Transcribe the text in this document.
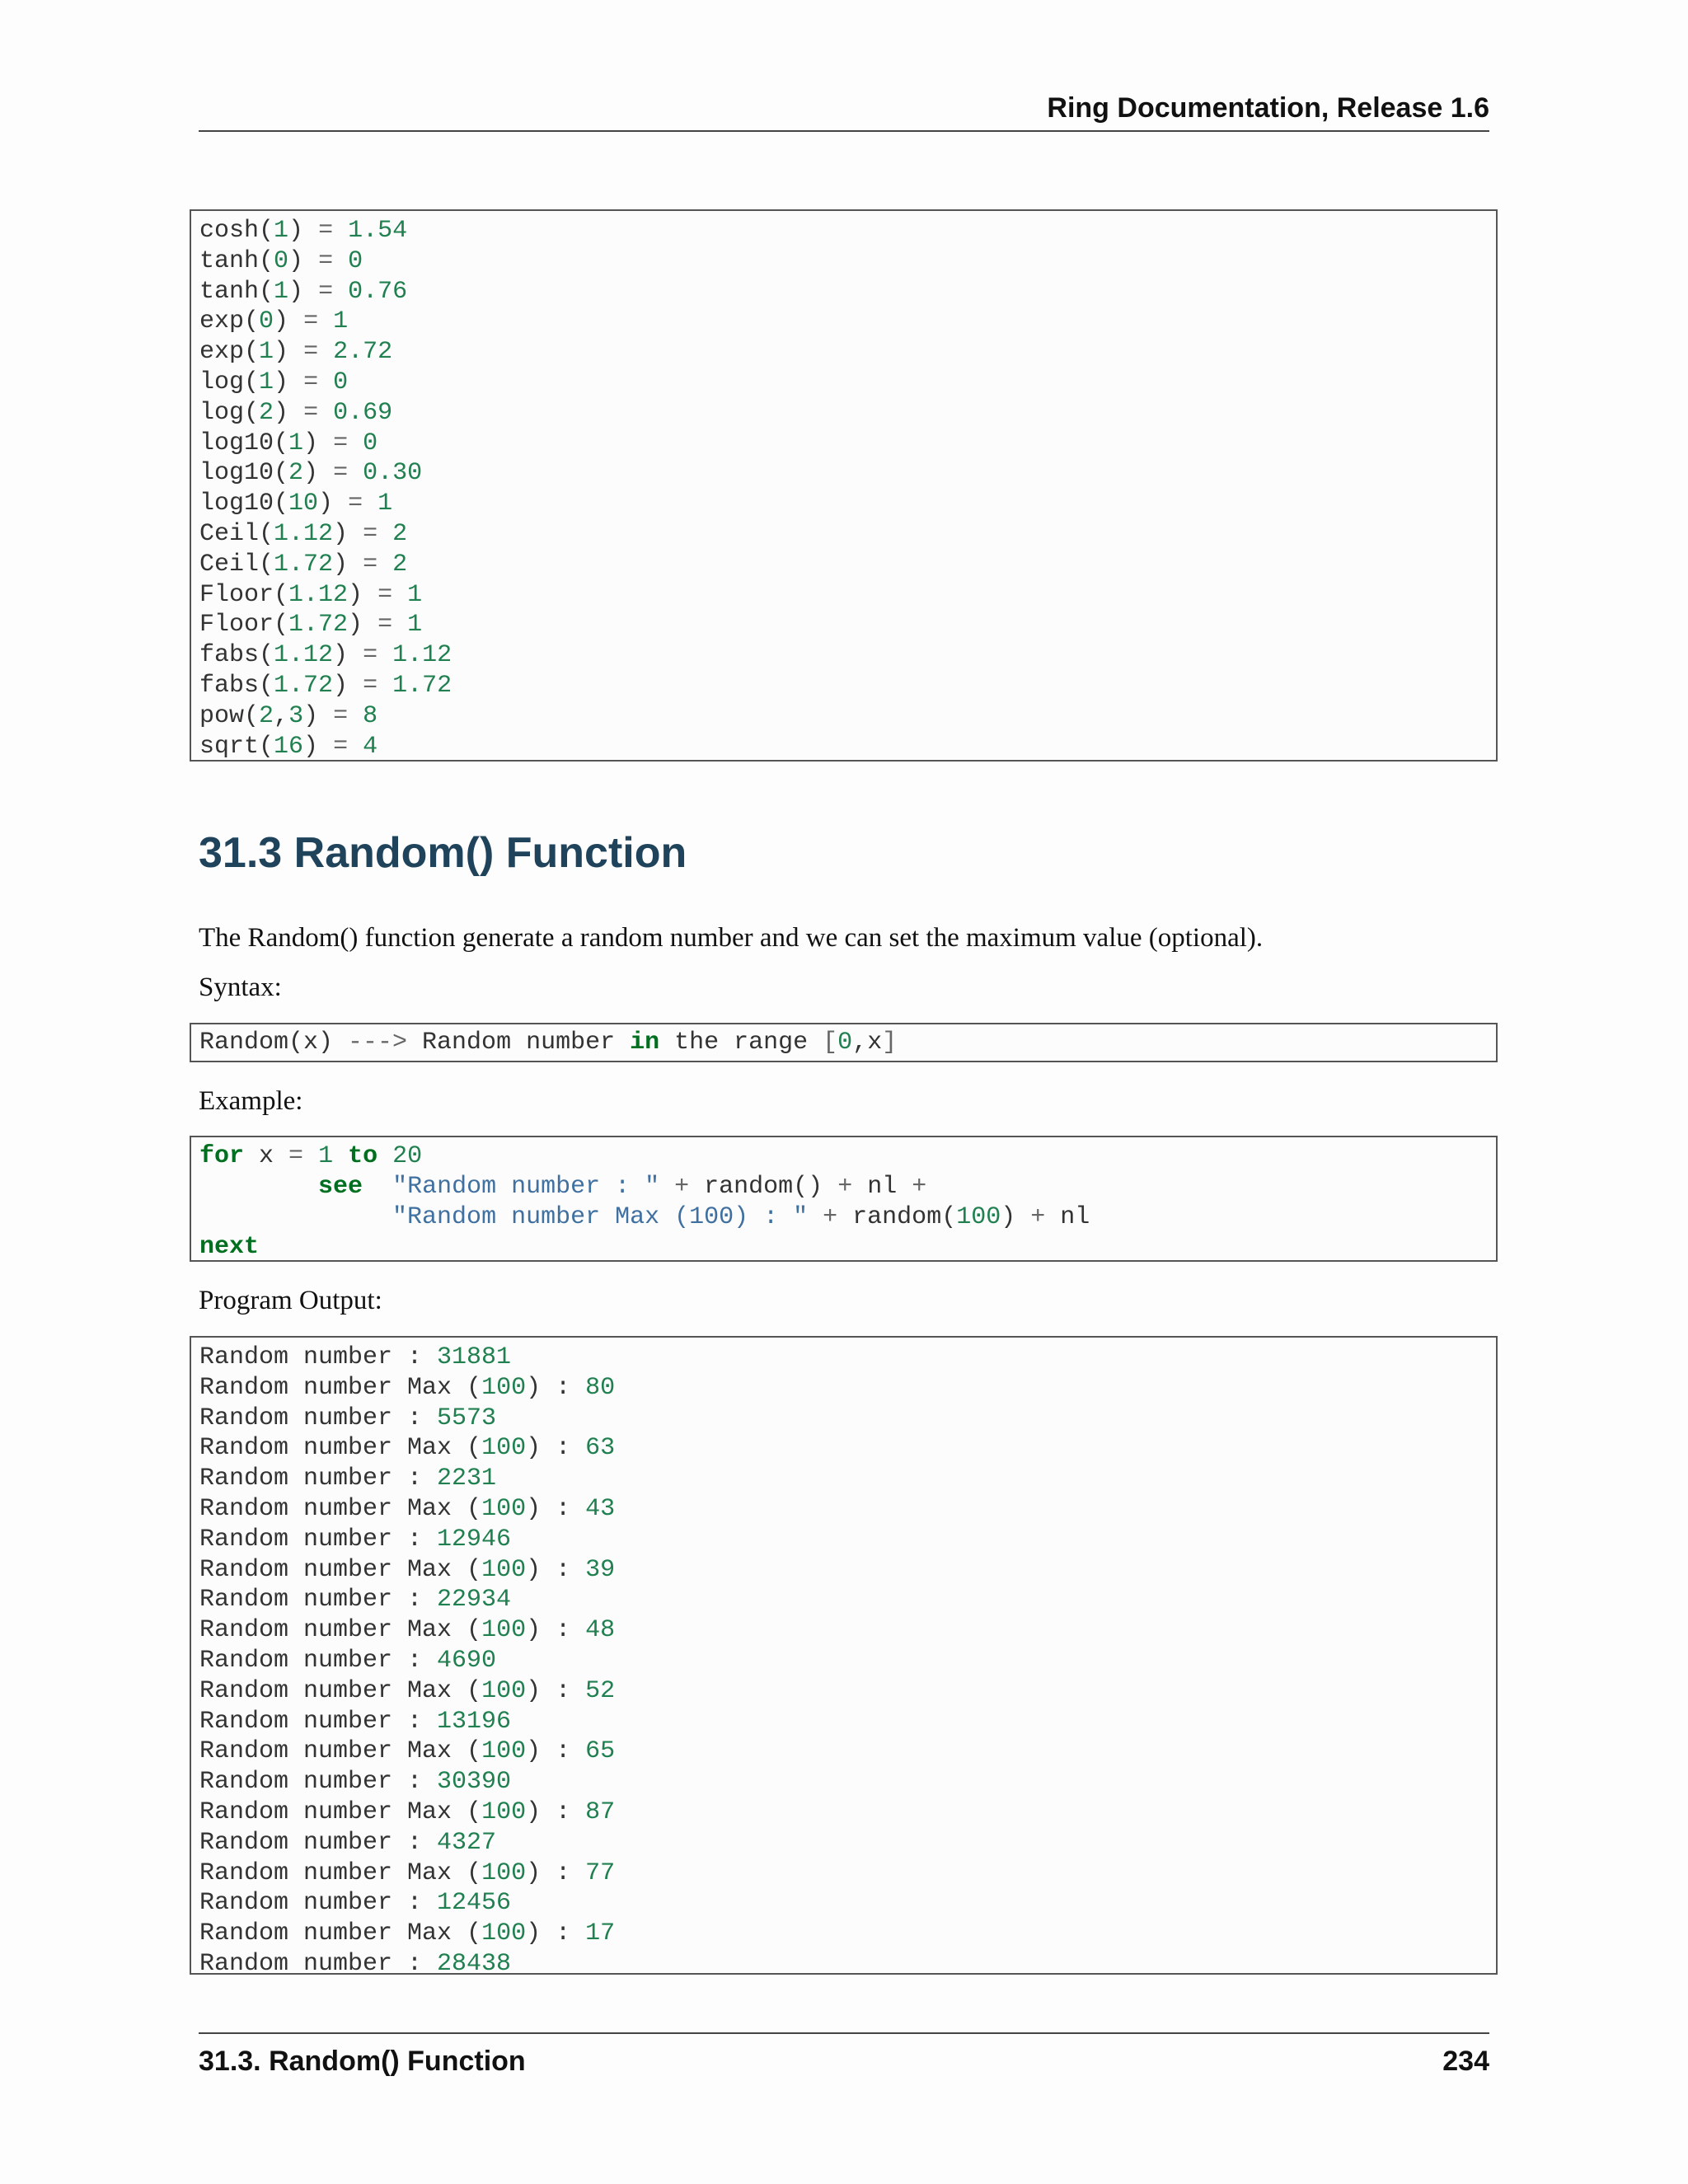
Ring Documentation, Release 1.6
cosh(1) = 1.54
tanh(0) = 0
tanh(1) = 0.76
exp(0) = 1
exp(1) = 2.72
log(1) = 0
log(2) = 0.69
log10(1) = 0
log10(2) = 0.30
log10(10) = 1
Ceil(1.12) = 2
Ceil(1.72) = 2
Floor(1.12) = 1
Floor(1.72) = 1
fabs(1.12) = 1.12
fabs(1.72) = 1.72
pow(2,3) = 8
sqrt(16) = 4
31.3 Random() Function
The Random() function generate a random number and we can set the maximum value (optional).
Syntax:
Random(x) ---> Random number in the range [0,x]
Example:
for x = 1 to 20
see "Random number : " + random() + nl +
"Random number Max (100) : " + random(100) + nl
next
Program Output:
Random number : 31881
Random number Max (100) : 80
Random number : 5573
Random number Max (100) : 63
Random number : 2231
Random number Max (100) : 43
Random number : 12946
Random number Max (100) : 39
Random number : 22934
Random number Max (100) : 48
Random number : 4690
Random number Max (100) : 52
Random number : 13196
Random number Max (100) : 65
Random number : 30390
Random number Max (100) : 87
Random number : 4327
Random number Max (100) : 77
Random number : 12456
Random number Max (100) : 17
Random number : 28438
31.3. Random() Function	234
